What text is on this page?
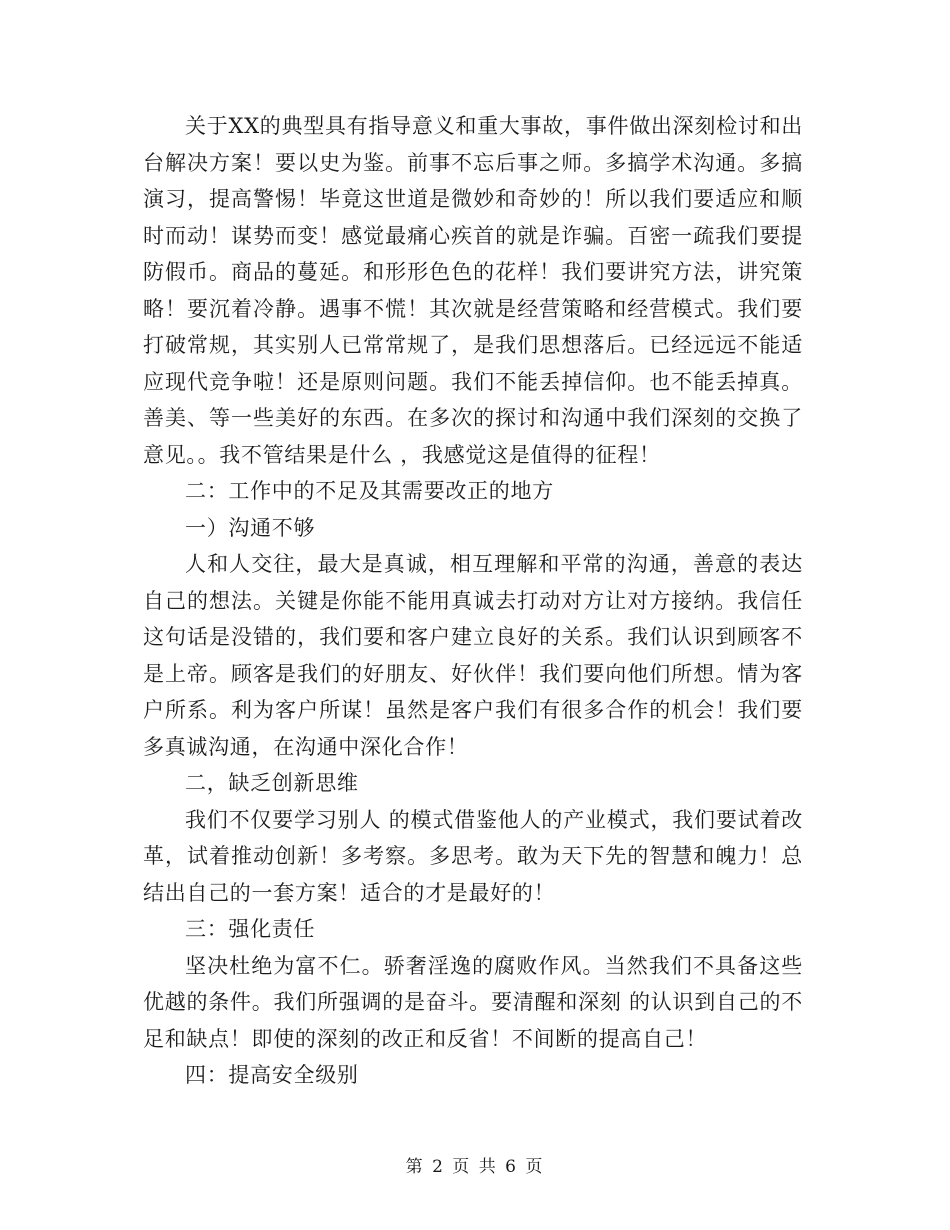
关于XX的典型具有指导意义和重大事故，事件做出深刻检讨和出台解决方案！要以史为鉴。前事不忘后事之师。多搞学术沟通。多搞演习，提高警惕！毕竟这世道是微妙和奇妙的！所以我们要适应和顺时而动！谋势而变！感觉最痛心疾首的就是诈骗。百密一疏我们要提防假币。商品的蔓延。和形形色色的花样！我们要讲究方法，讲究策略！要沉着冷静。遇事不慌！其次就是经营策略和经营模式。我们要打破常规，其实别人已常常规了，是我们思想落后。已经远远不能适应现代竞争啦！还是原则问题。我们不能丢掉信仰。也不能丢掉真。善美、等一些美好的东西。在多次的探讨和沟通中我们深刻的交换了意见。。我不管结果是什么 ，我感觉这是值得的征程！

二：工作中的不足及其需要改正的地方

一）沟通不够

人和人交往，最大是真诚，相互理解和平常的沟通，善意的表达自己的想法。关键是你能不能用真诚去打动对方让对方接纳。我信任这句话是没错的，我们要和客户建立良好的关系。我们认识到顾客不是上帝。顾客是我们的好朋友、好伙伴！我们要向他们所想。情为客户所系。利为客户所谋！虽然是客户我们有很多合作的机会！我们要多真诚沟通，在沟通中深化合作！

二，缺乏创新思维

我们不仅要学习别人 的模式借鉴他人的产业模式，我们要试着改革，试着推动创新！多考察。多思考。敢为天下先的智慧和魄力！总结出自己的一套方案！适合的才是最好的！

三：强化责任

坚决杜绝为富不仁。骄奢淫逸的腐败作风。当然我们不具备这些优越的条件。我们所强调的是奋斗。要清醒和深刻 的认识到自己的不足和缺点！即使的深刻的改正和反省！不间断的提高自己！

四：提高安全级别

第 2 页 共 6 页
